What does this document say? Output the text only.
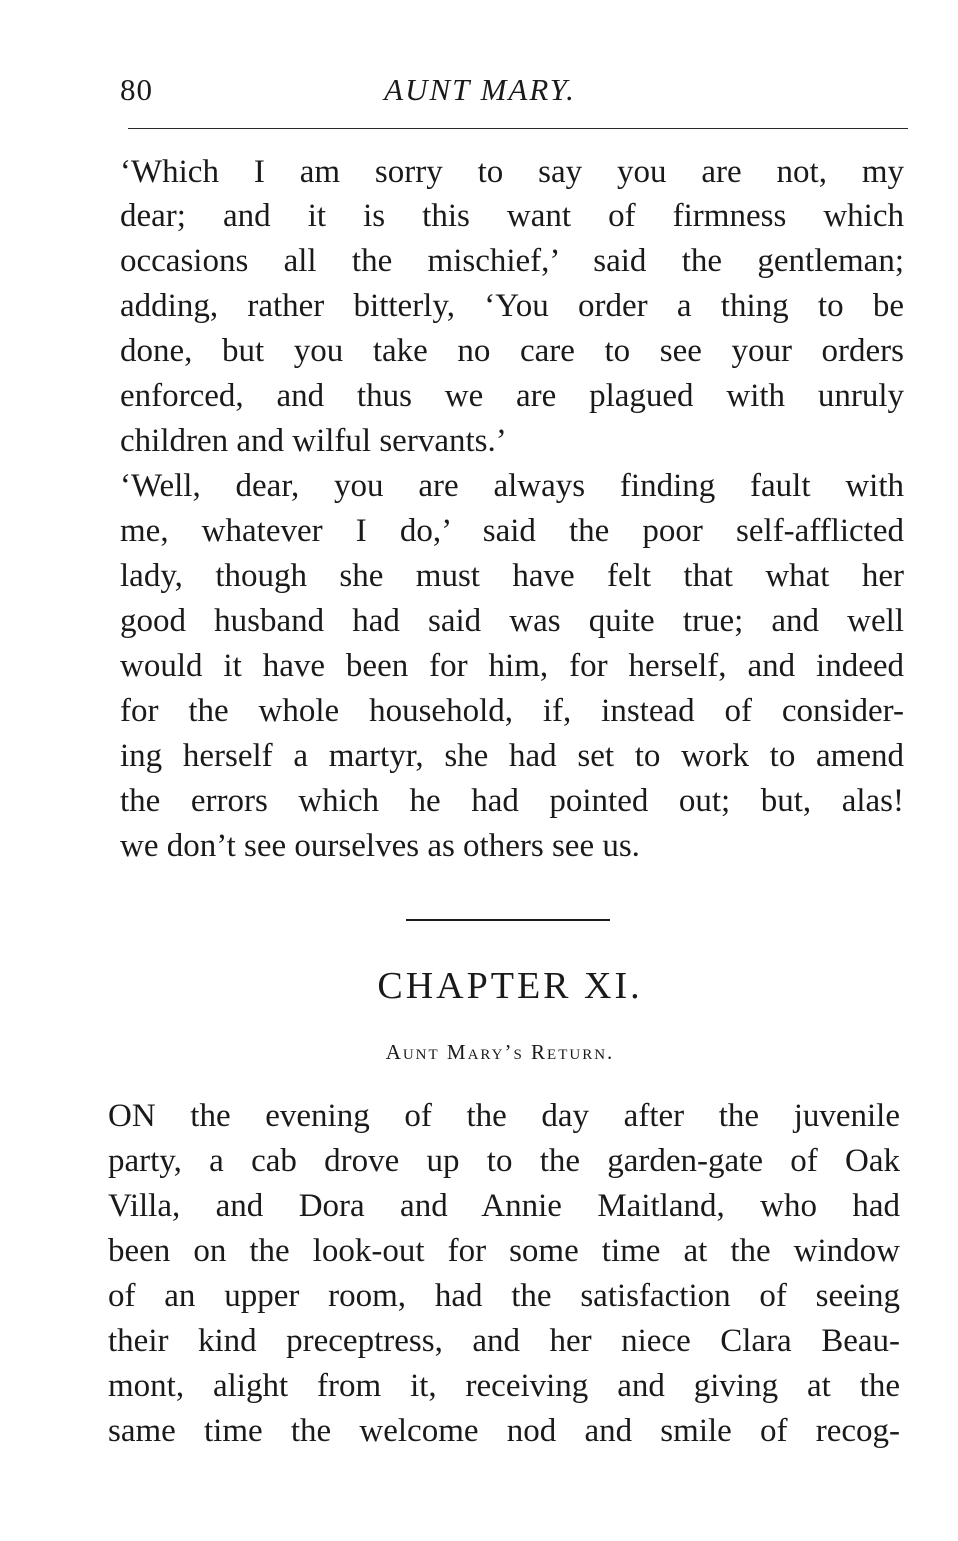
80	AUNT MARY.
‘Which I am sorry to say you are not, my
dear; and it is this want of firmness which
occasions all the mischief,’ said the gentleman;
adding, rather bitterly, ‘You order a thing to be
done, but you take no care to see your orders
enforced, and thus we are plagued with unruly
children and wilful servants.’
‘Well, dear, you are always finding fault with
me, whatever I do,’ said the poor self-afflicted
lady, though she must have felt that what her
good husband had said was quite true; and well
would it have been for him, for herself, and indeed
for the whole household, if, instead of consider-
ing herself a martyr, she had set to work to amend
the errors which he had pointed out; but, alas!
we don’t see ourselves as others see us.
CHAPTER XI.
Aunt Mary’s Return.
ON the evening of the day after the juvenile
party, a cab drove up to the garden-gate of Oak
Villa, and Dora and Annie Maitland, who had
been on the look-out for some time at the window
of an upper room, had the satisfaction of seeing
their kind preceptress, and her niece Clara Beau-
mont, alight from it, receiving and giving at the
same time the welcome nod and smile of recog-
